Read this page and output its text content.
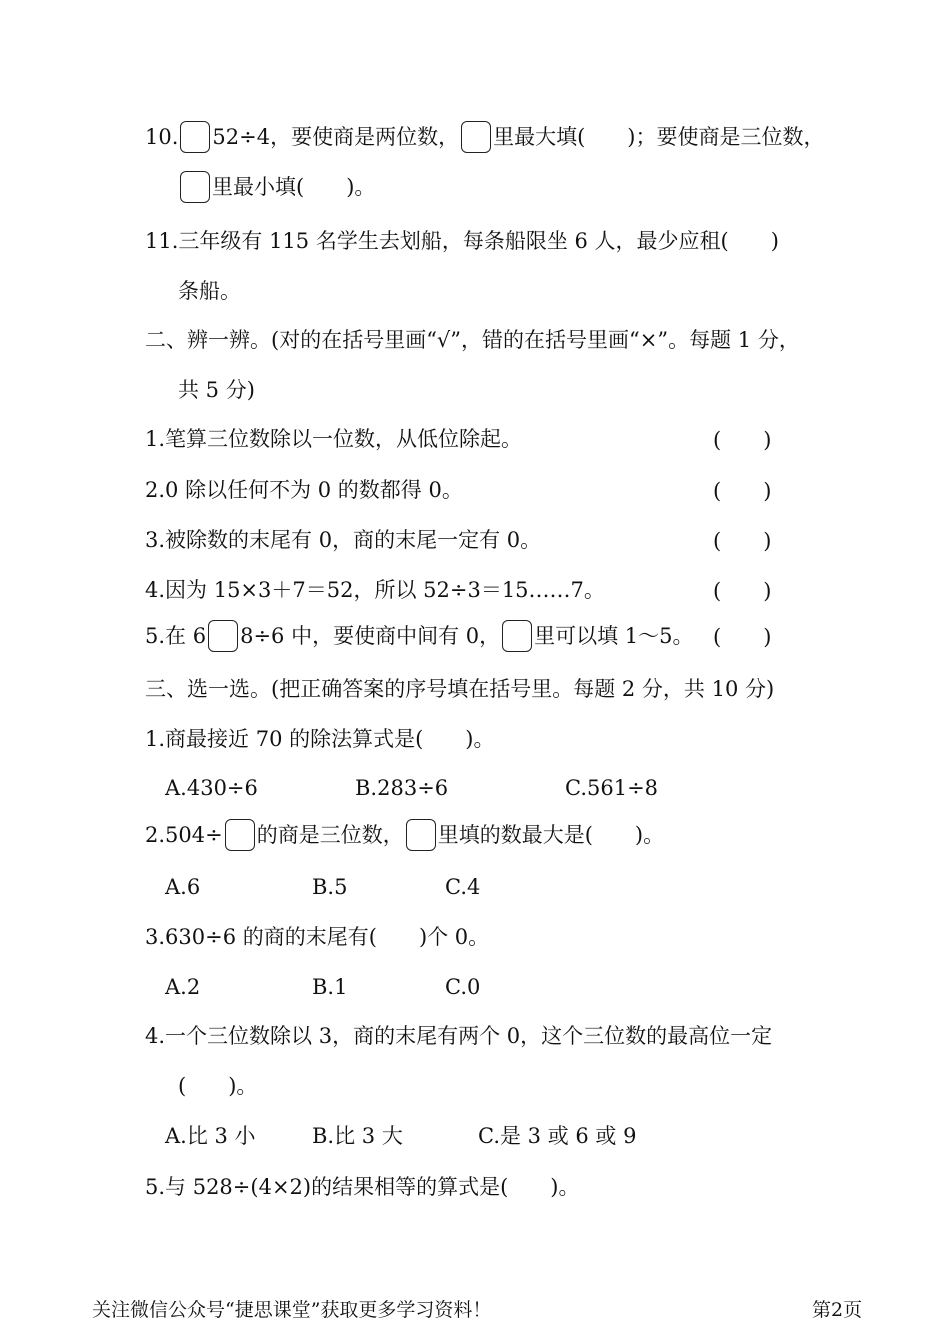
10. 52÷4，要使商是两位数， 里最大填(　　)；要使商是三位数，
里最小填(　　)。
11.三年级有 115 名学生去划船，每条船限坐 6 人，最少应租(　　)
条船。
二、辨一辨。(对的在括号里画“√”，错的在括号里画“×”。每题 1 分，
共 5 分)
1.笔算三位数除以一位数，从低位除起。	(　　)
2.0 除以任何不为 0 的数都得 0。	(　　)
3.被除数的末尾有 0，商的末尾一定有 0。	(　　)
4.因为 15×3＋7＝52，所以 52÷3＝15……7。	(　　)
5.在 6 8÷6 中，要使商中间有 0， 里可以填 1～5。 (　　)
三、选一选。(把正确答案的序号填在括号里。每题 2 分，共 10 分)
1.商最接近 70 的除法算式是(　　)。
A.430÷6	B.283÷6	C.561÷8
2.504÷ 的商是三位数， 里填的数最大是(　　)。
A.6	B.5	C.4
3.630÷6 的商的末尾有(　　)个 0。
A.2	B.1	C.0
4.一个三位数除以 3，商的末尾有两个 0，这个三位数的最高位一定
(　　)。
A.比 3 小	B.比 3 大	C.是 3 或 6 或 9
5.与 528÷(4×2)的结果相等的算式是(　　)。
关注微信公众号“捷思课堂”获取更多学习资料！	第2页
